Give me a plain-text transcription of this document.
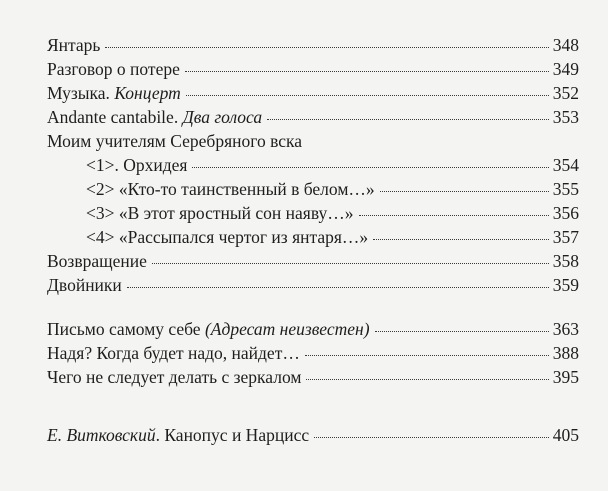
Янтарь	348
Разговор о потере	349
Музыка. Концерт	352
Andante cantabile. Два голоса	353
Моим учителям Серебряного вска
<1>. Орхидея	354
<2> «Кто-то таинственный в белом…»	355
<3> «В этот яростный сон наяву…»	356
<4> «Рассыпался чертог из янтаря…»	357
Возвращение	358
Двойники	359
Письмо самому себе (Адресат неизвестен)	363
Надя? Когда будет надо, найдет…	388
Чего не следует делать с зеркалом	395
Е. Витковский. Канопус и Нарцисс	405
